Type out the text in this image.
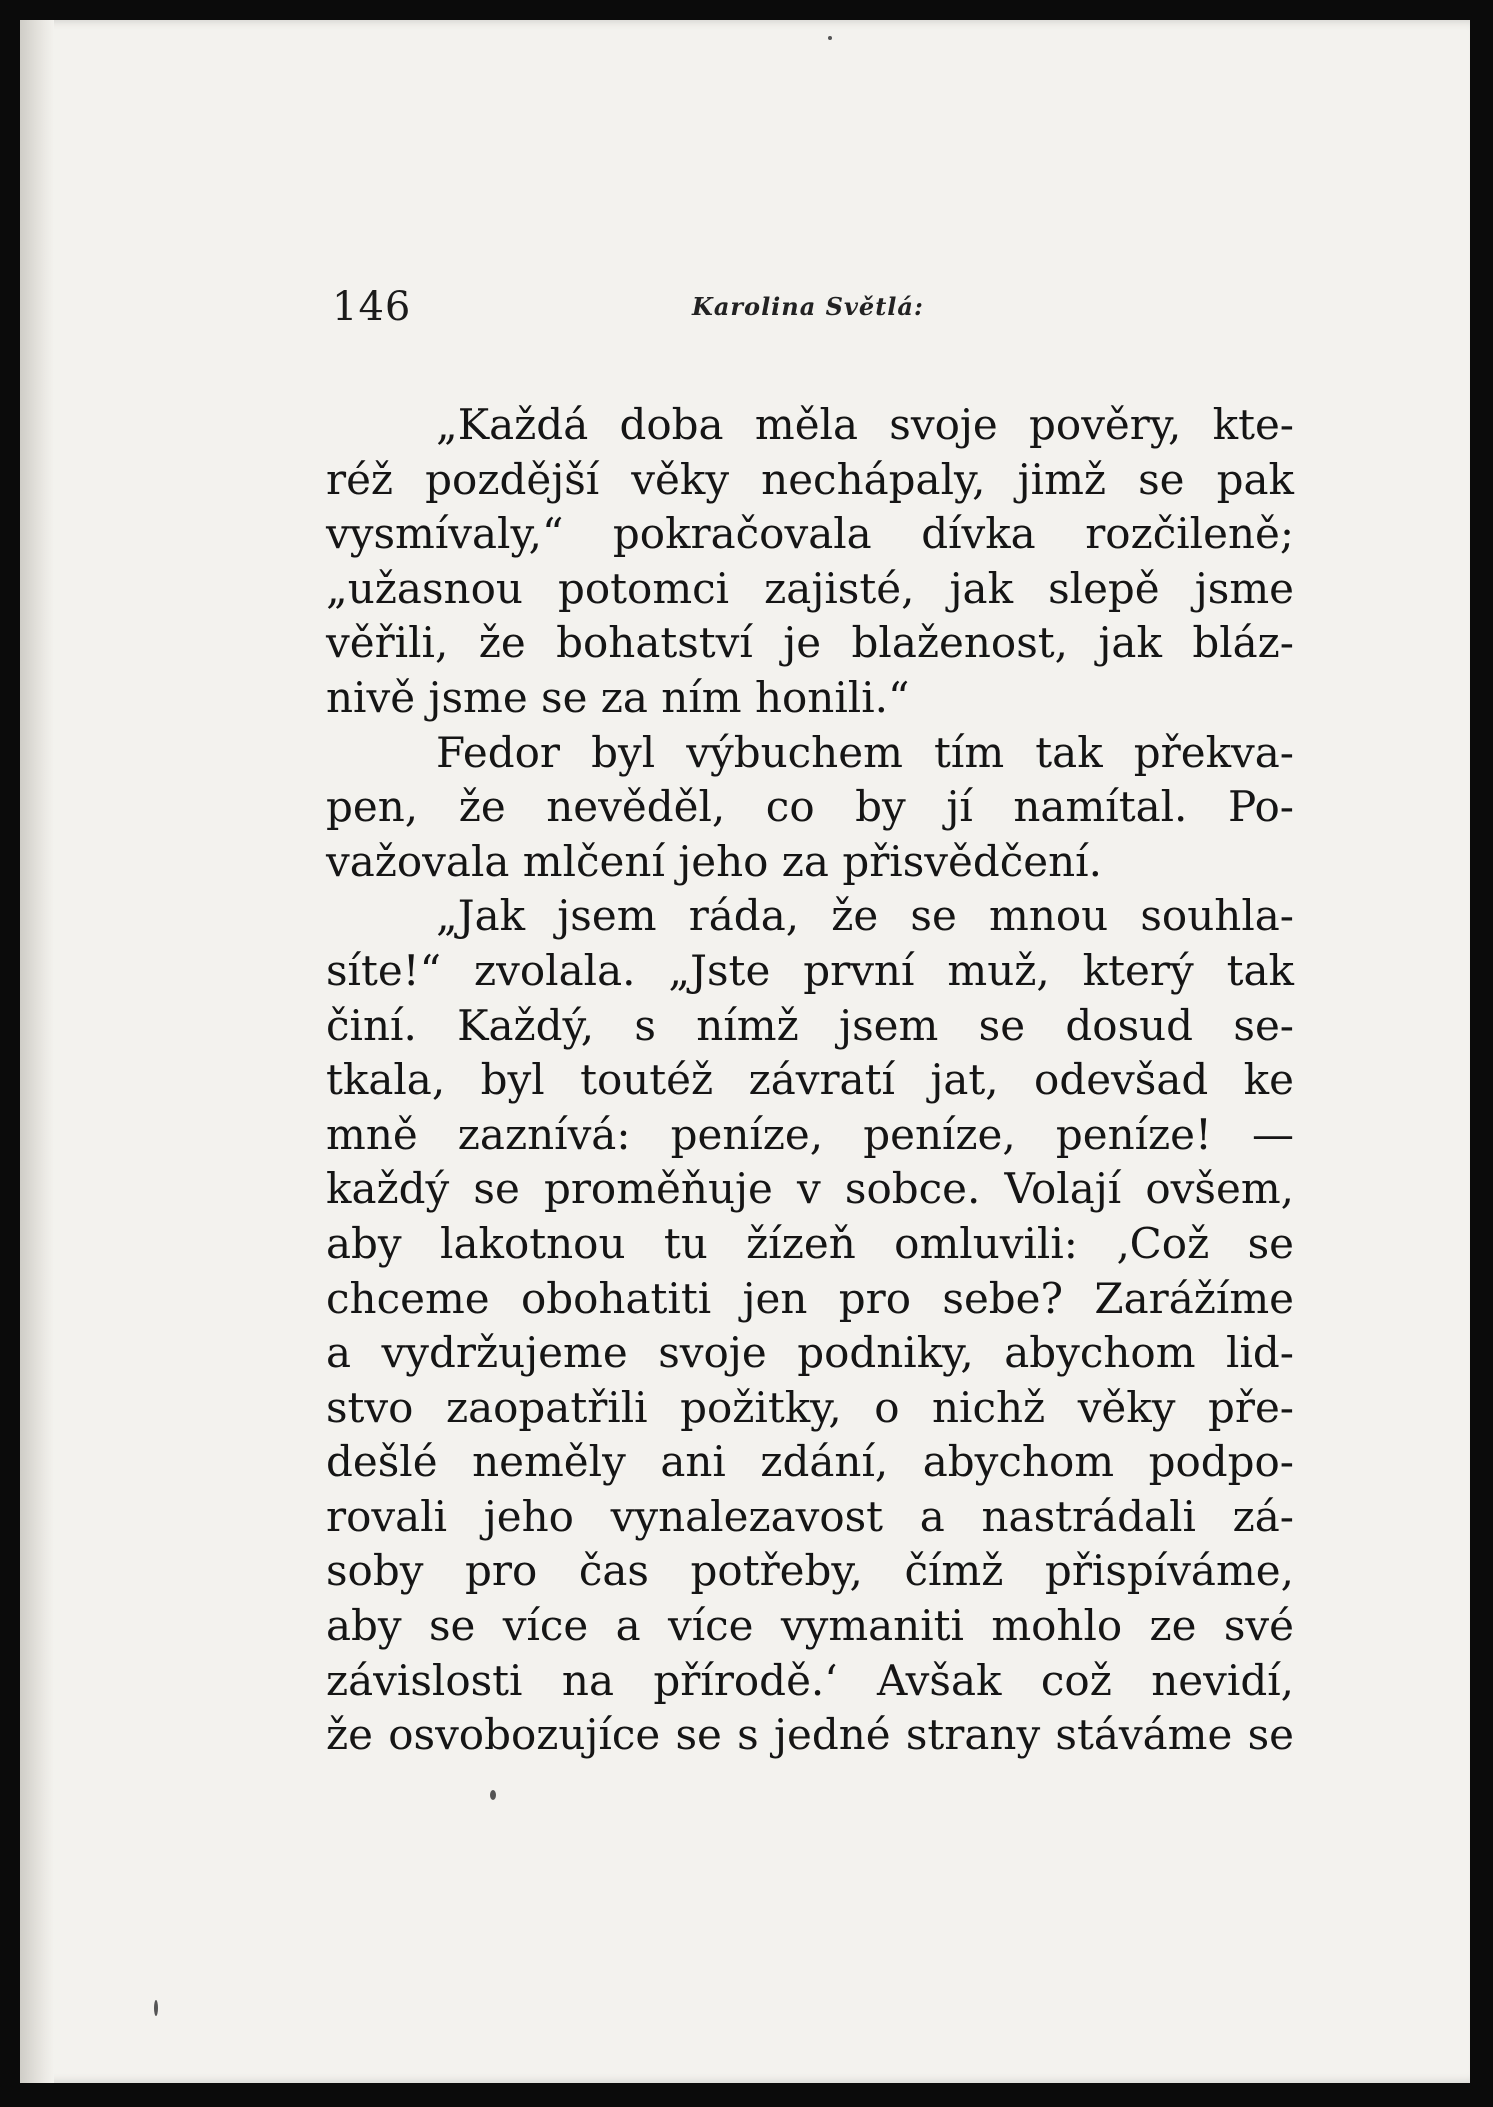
146	Karolina Světlá:
„Každá doba měla svoje pověry, kte-
réž pozdější věky nechápaly, jimž se pak
vysmívaly,“ pokračovala dívka rozčileně;
„užasnou potomci zajisté, jak slepě jsme
věřili, že bohatství je blaženost, jak bláz-
nivě jsme se za ním honili.“
Fedor byl výbuchem tím tak překva-
pen, že nevěděl, co by jí namítal. Po-
važovala mlčení jeho za přisvědčení.
„Jak jsem ráda, že se mnou souhla-
síte!“ zvolala. „Jste první muž, který tak
činí. Každý, s nímž jsem se dosud se-
tkala, byl toutéž závratí jat, odevšad ke
mně zaznívá: peníze, peníze, peníze! —
každý se proměňuje v sobce. Volají ovšem,
aby lakotnou tu žízeň omluvili: ‚Což se
chceme obohatiti jen pro sebe? Zarážíme
a vydržujeme svoje podniky, abychom lid-
stvo zaopatřili požitky, o nichž věky pře-
dešlé neměly ani zdání, abychom podpo-
rovali jeho vynalezavost a nastrádali zá-
soby pro čas potřeby, čímž přispíváme,
aby se více a více vymaniti mohlo ze své
závislosti na přírodě.‘ Avšak což nevidí,
že osvobozujíce se s jedné strany stáváme se
